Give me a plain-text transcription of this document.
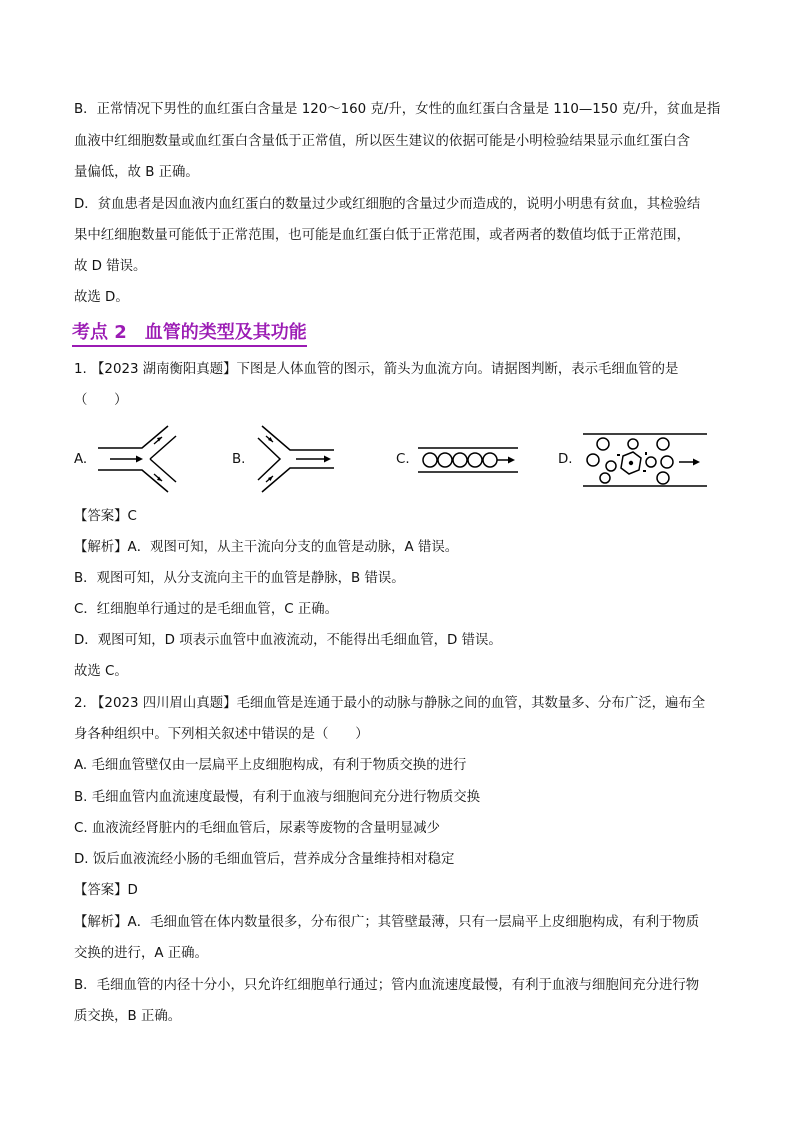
B．正常情况下男性的血红蛋白含量是 120～160 克/升，女性的血红蛋白含量是 110—150 克/升，贫血是指
血液中红细胞数量或血红蛋白含量低于正常值，所以医生建议的依据可能是小明检验结果显示血红蛋白含
量偏低，故 B 正确。
D．贫血患者是因血液内血红蛋白的数量过少或红细胞的含量过少而造成的，说明小明患有贫血，其检验结
果中红细胞数量可能低于正常范围，也可能是血红蛋白低于正常范围，或者两者的数值均低于正常范围，
故 D 错误。
故选 D。
考点 2　血管的类型及其功能
1. 【2023 湖南衡阳真题】下图是人体血管的图示，箭头为血流方向。请据图判断，表示毛细血管的是
（　　）
A.	B.	C.	D.
【答案】C
【解析】A．观图可知，从主干流向分支的血管是动脉，A 错误。
B．观图可知，从分支流向主干的血管是静脉，B 错误。
C．红细胞单行通过的是毛细血管，C 正确。
D．观图可知，D 项表示血管中血液流动，不能得出毛细血管，D 错误。
故选 C。
2. 【2023 四川眉山真题】毛细血管是连通于最小的动脉与静脉之间的血管，其数量多、分布广泛，遍布全
身各种组织中。下列相关叙述中错误的是（　　）
A. 毛细血管壁仅由一层扁平上皮细胞构成，有利于物质交换的进行
B. 毛细血管内血流速度最慢，有利于血液与细胞间充分进行物质交换
C. 血液流经肾脏内的毛细血管后，尿素等废物的含量明显减少
D. 饭后血液流经小肠的毛细血管后，营养成分含量维持相对稳定
【答案】D
【解析】A．毛细血管在体内数量很多，分布很广；其管壁最薄，只有一层扁平上皮细胞构成，有利于物质
交换的进行，A 正确。
B．毛细血管的内径十分小，只允许红细胞单行通过；管内血流速度最慢，有利于血液与细胞间充分进行物
质交换，B 正确。
